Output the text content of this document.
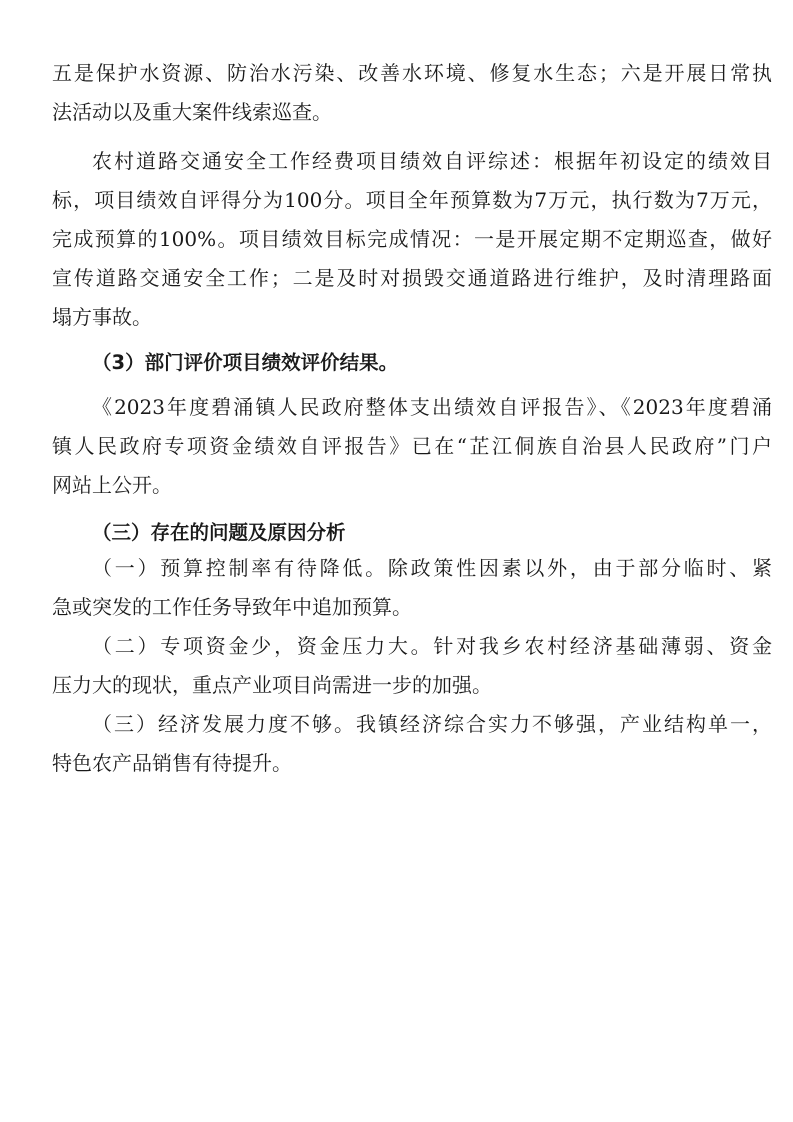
五是保护水资源、防治水污染、改善水环境、修复水生态；六是开展日常执
法活动以及重大案件线索巡查。
农村道路交通安全工作经费项目绩效自评综述：根据年初设定的绩效目
标，项目绩效自评得分为100分。项目全年预算数为7万元，执行数为7万元，
完成预算的100%。项目绩效目标完成情况：一是开展定期不定期巡查，做好
宣传道路交通安全工作；二是及时对损毁交通道路进行维护，及时清理路面
塌方事故。
（3）部门评价项目绩效评价结果。
《2023年度碧涌镇人民政府整体支出绩效自评报告》、《2023年度碧涌
镇人民政府专项资金绩效自评报告》已在“芷江侗族自治县人民政府”门户
网站上公开。
（三）存在的问题及原因分析
（一）预算控制率有待降低。除政策性因素以外，由于部分临时、紧
急或突发的工作任务导致年中追加预算。
（二）专项资金少，资金压力大。针对我乡农村经济基础薄弱、资金
压力大的现状，重点产业项目尚需进一步的加强。
（三）经济发展力度不够。我镇经济综合实力不够强，产业结构单一，
特色农产品销售有待提升。
